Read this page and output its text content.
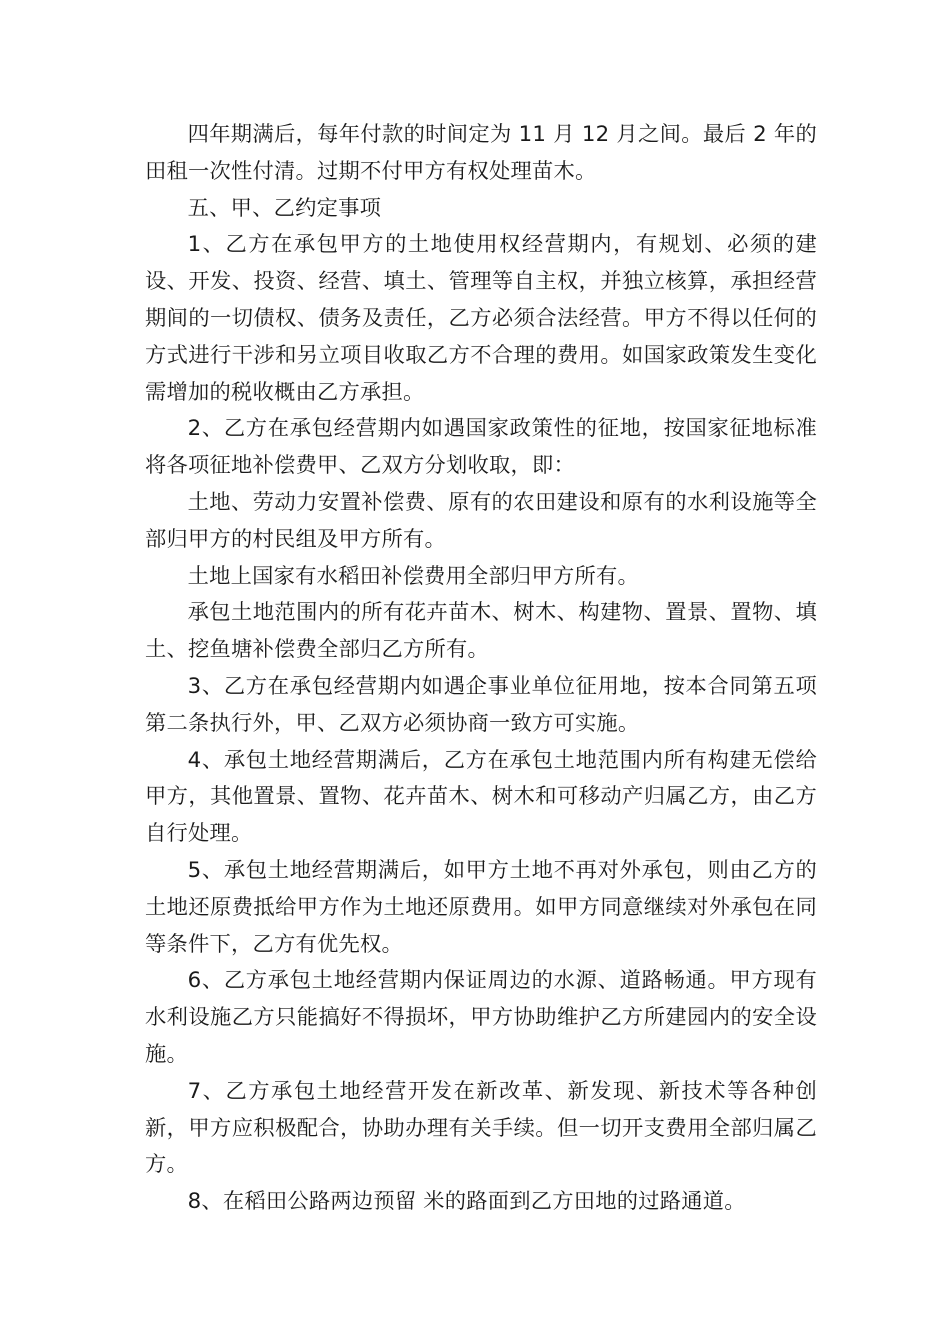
四年期满后，每年付款的时间定为 11 月 12 月之间。最后 2 年的田租一次性付清。过期不付甲方有权处理苗木。

五、甲、乙约定事项

1、乙方在承包甲方的土地使用权经营期内，有规划、必须的建设、开发、投资、经营、填土、管理等自主权，并独立核算，承担经营期间的一切债权、债务及责任，乙方必须合法经营。甲方不得以任何的方式进行干涉和另立项目收取乙方不合理的费用。如国家政策发生变化需增加的税收概由乙方承担。

2、乙方在承包经营期内如遇国家政策性的征地，按国家征地标准将各项征地补偿费甲、乙双方分划收取，即：

土地、劳动力安置补偿费、原有的农田建设和原有的水利设施等全部归甲方的村民组及甲方所有。

土地上国家有水稻田补偿费用全部归甲方所有。

承包土地范围内的所有花卉苗木、树木、构建物、置景、置物、填土、挖鱼塘补偿费全部归乙方所有。

3、乙方在承包经营期内如遇企事业单位征用地，按本合同第五项第二条执行外，甲、乙双方必须协商一致方可实施。

4、承包土地经营期满后，乙方在承包土地范围内所有构建无偿给甲方，其他置景、置物、花卉苗木、树木和可移动产归属乙方，由乙方自行处理。

5、承包土地经营期满后，如甲方土地不再对外承包，则由乙方的土地还原费抵给甲方作为土地还原费用。如甲方同意继续对外承包在同等条件下，乙方有优先权。

6、乙方承包土地经营期内保证周边的水源、道路畅通。甲方现有水利设施乙方只能搞好不得损坏，甲方协助维护乙方所建园内的安全设施。

7、乙方承包土地经营开发在新改革、新发现、新技术等各种创新，甲方应积极配合，协助办理有关手续。但一切开支费用全部归属乙方。

8、在稻田公路两边预留 米的路面到乙方田地的过路通道。
